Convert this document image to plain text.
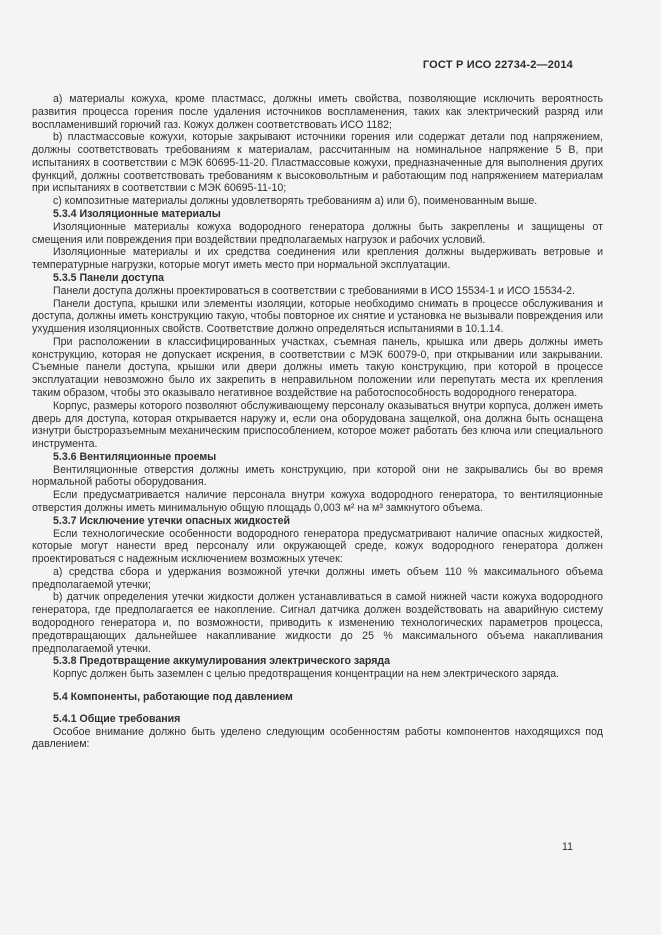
ГОСТ Р ИСО 22734-2—2014

а) материалы кожуха, кроме пластмасс, должны иметь свойства, позволяющие исключить вероятность развития процесса горения после удаления источников воспламенения, таких как электрический разряд или воспламенивший горючий газ. Кожух должен соответствовать ИСО 1182;

b) пластмассовые кожухи, которые закрывают источники горения или содержат детали под напряжением, должны соответствовать требованиям к материалам, рассчитанным на номинальное напряжение 5 В, при испытаниях в соответствии с МЭК 60695-11-20. Пластмассовые кожухи, предназначенные для выполнения других функций, должны соответствовать требованиям к высоковольтным и работающим под напряжением материалам при испытаниях в соответствии с МЭК 60695-11-10;

с) композитные материалы должны удовлетворять требованиям а) или б), поименованным выше.

5.3.4 Изоляционные материалы

Изоляционные материалы кожуха водородного генератора должны быть закреплены и защищены от смещения или повреждения при воздействии предполагаемых нагрузок и рабочих условий.

Изоляционные материалы и их средства соединения или крепления должны выдерживать ветровые и температурные нагрузки, которые могут иметь место при нормальной эксплуатации.

5.3.5 Панели доступа

Панели доступа должны проектироваться в соответствии с требованиями в ИСО 15534-1 и ИСО 15534-2.

Панели доступа, крышки или элементы изоляции, которые необходимо снимать в процессе обслуживания и доступа, должны иметь конструкцию такую, чтобы повторное их снятие и установка не вызывали повреждения или ухудшения изоляционных свойств. Соответствие должно определяться испытаниями в 10.1.14.

При расположении в классифицированных участках, съемная панель, крышка или дверь должны иметь конструкцию, которая не допускает искрения, в соответствии с МЭК 60079-0, при открывании или закрывании. Съемные панели доступа, крышки или двери должны иметь такую конструкцию, при которой в процессе эксплуатации невозможно было их закрепить в неправильном положении или перепутать места их крепления таким образом, чтобы это оказывало негативное воздействие на работоспособность водородного генератора.

Корпус, размеры которого позволяют обслуживающему персоналу оказываться внутри корпуса, должен иметь дверь для доступа, которая открывается наружу и, если она оборудована защелкой, она должна быть оснащена изнутри быстроразъемным механическим приспособлением, которое может работать без ключа или специального инструмента.

5.3.6 Вентиляционные проемы

Вентиляционные отверстия должны иметь конструкцию, при которой они не закрывались бы во время нормальной работы оборудования.

Если предусматривается наличие персонала внутри кожуха водородного генератора, то вентиляционные отверстия должны иметь минимальную общую площадь 0,003 м² на м³ замкнутого объема.

5.3.7 Исключение утечки опасных жидкостей

Если технологические особенности водородного генератора предусматривают наличие опасных жидкостей, которые могут нанести вред персоналу или окружающей среде, кожух водородного генератора должен проектироваться с надежным исключением возможных утечек:

а) средства сбора и удержания возможной утечки должны иметь объем 110 % максимального объема предполагаемой утечки;

b) датчик определения утечки жидкости должен устанавливаться в самой нижней части кожуха водородного генератора, где предполагается ее накопление. Сигнал датчика должен воздействовать на аварийную систему водородного генератора и, по возможности, приводить к изменению технологических параметров процесса, предотвращающих дальнейшее накапливание жидкости до 25 % максимального объема накапливания предполагаемой утечки.

5.3.8 Предотвращение аккумулирования электрического заряда

Корпус должен быть заземлен с целью предотвращения концентрации на нем электрического заряда.

5.4 Компоненты, работающие под давлением

5.4.1 Общие требования

Особое внимание должно быть уделено следующим особенностям работы компонентов находящихся под давлением:

11
